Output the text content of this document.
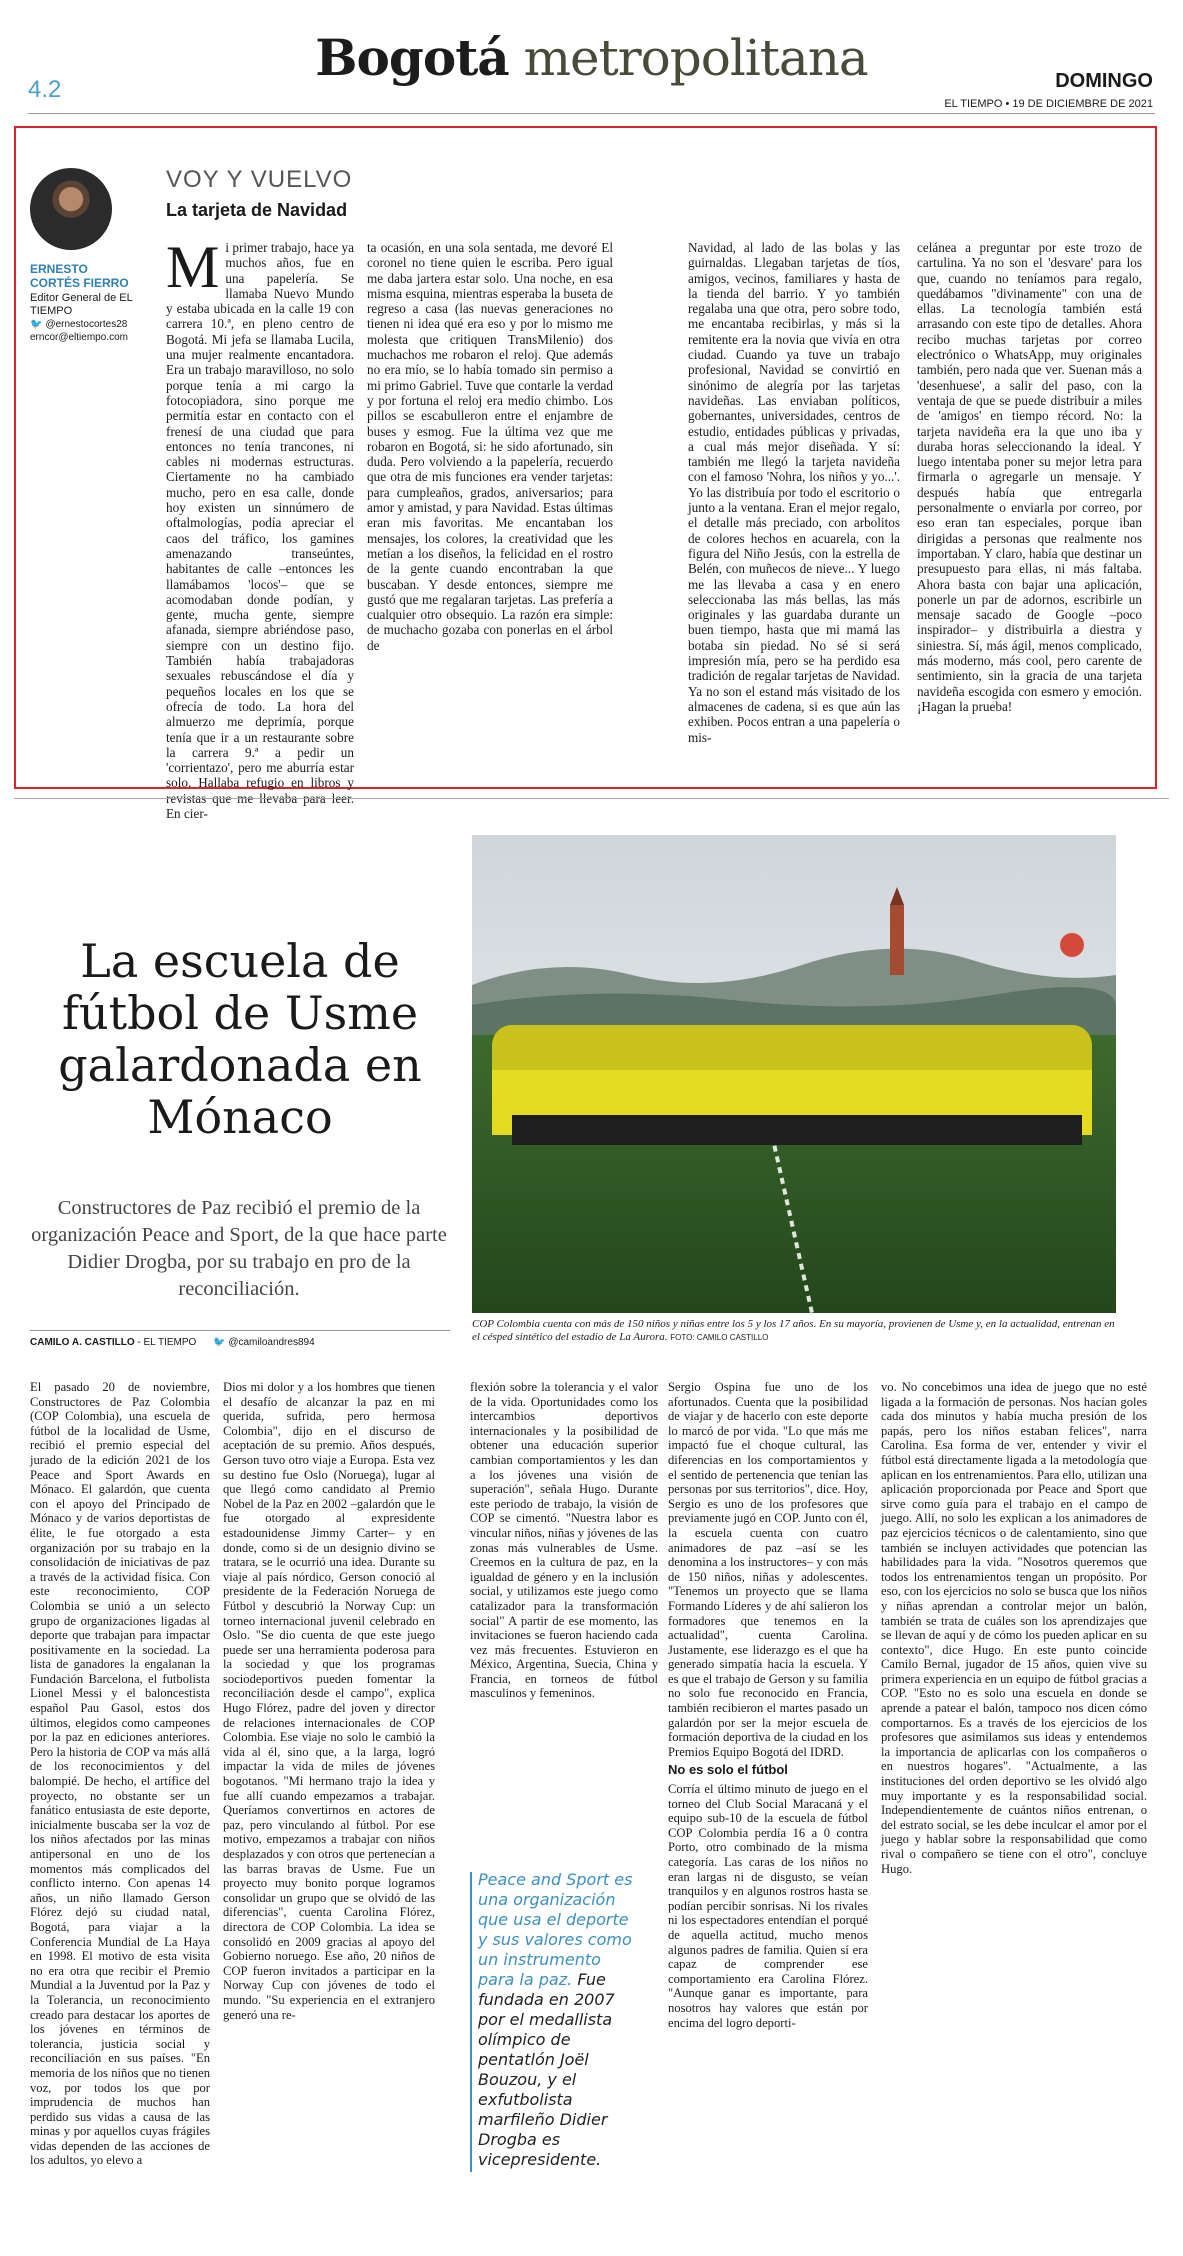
Bogotá metropolitana
4.2	DOMINGO
EL TIEMPO • 19 DE DICIEMBRE DE 2021
ERNESTO CORTÉS FIERRO
Editor General de EL TIEMPO
🐦 @ernestocortes28
erncor@eltiempo.com
VOY Y VUELVO
La tarjeta de Navidad
Mi primer trabajo, hace ya muchos años, fue en una papelería. Se llamaba Nuevo Mundo y estaba ubicada en la calle 19 con carrera 10.ª, en pleno centro de Bogotá. Mi jefa se llamaba Lucila, una mujer realmente encantadora. Era un trabajo maravilloso, no solo porque tenía a mi cargo la fotocopiadora, sino porque me permitía estar en contacto con el frenesí de una ciudad que para entonces no tenía trancones, ni cables ni modernas estructuras. Ciertamente no ha cambiado mucho, pero en esa calle, donde hoy existen un sinnúmero de oftalmologías, podía apreciar el caos del tráfico, los gamines amenazando transeúntes, habitantes de calle –entonces les llamábamos 'locos'– que se acomodaban donde podían, y gente, mucha gente, siempre afanada, siempre abriéndose paso, siempre con un destino fijo. También había trabajadoras sexuales rebuscándose el día y pequeños locales en los que se ofrecía de todo. La hora del almuerzo me deprimía, porque tenía que ir a un restaurante sobre la carrera 9.ª a pedir un 'corrientazo', pero me aburría estar solo. Hallaba refugio en libros y revistas que me llevaba para leer. En cier-
ta ocasión, en una sola sentada, me devoré El coronel no tiene quien le escriba. Pero igual me daba jartera estar solo. Una noche, en esa misma esquina, mientras esperaba la buseta de regreso a casa (las nuevas generaciones no tienen ni idea qué era eso y por lo mismo me molesta que critiquen TransMilenio) dos muchachos me robaron el reloj. Que además no era mío, se lo había tomado sin permiso a mi primo Gabriel. Tuve que contarle la verdad y por fortuna el reloj era medio chimbo. Los pillos se escabulleron entre el enjambre de buses y esmog. Fue la última vez que me robaron en Bogotá, si: he sido afortunado, sin duda. Pero volviendo a la papelería, recuerdo que otra de mis funciones era vender tarjetas: para cumpleaños, grados, aniversarios; para amor y amistad, y para Navidad. Estas últimas eran mis favoritas. Me encantaban los mensajes, los colores, la creatividad que les metían a los diseños, la felicidad en el rostro de la gente cuando encontraban la que buscaban. Y desde entonces, siempre me gustó que me regalaran tarjetas. Las prefería a cualquier otro obsequio. La razón era simple: de muchacho gozaba con ponerlas en el árbol de
Navidad, al lado de las bolas y las guirnaldas. Llegaban tarjetas de tíos, amigos, vecinos, familiares y hasta de la tienda del barrio. Y yo también regalaba una que otra, pero sobre todo, me encantaba recibirlas, y más si la remitente era la novia que vivía en otra ciudad. Cuando ya tuve un trabajo profesional, Navidad se convirtió en sinónimo de alegría por las tarjetas navideñas. Las enviaban políticos, gobernantes, universidades, centros de estudio, entidades públicas y privadas, a cual más mejor diseñada. Y sí: también me llegó la tarjeta navideña con el famoso 'Nohra, los niños y yo...'. Yo las distribuía por todo el escritorio o junto a la ventana. Eran el mejor regalo, el detalle más preciado, con arbolitos de colores hechos en acuarela, con la figura del Niño Jesús, con la estrella de Belén, con muñecos de nieve... Y luego me las llevaba a casa y en enero seleccionaba las más bellas, las más originales y las guardaba durante un buen tiempo, hasta que mi mamá las botaba sin piedad. No sé si será impresión mía, pero se ha perdido esa tradición de regalar tarjetas de Navidad. Ya no son el estand más visitado de los almacenes de cadena, si es que aún las exhiben. Pocos entran a una papelería o mis-
celánea a preguntar por este trozo de cartulina. Ya no son el 'desvare' para los que, cuando no teníamos para regalo, quedábamos "divinamente" con una de ellas. La tecnología también está arrasando con este tipo de detalles. Ahora recibo muchas tarjetas por correo electrónico o WhatsApp, muy originales también, pero nada que ver. Suenan más a 'desenhuese', a salir del paso, con la ventaja de que se puede distribuir a miles de 'amigos' en tiempo récord. No: la tarjeta navideña era la que uno iba y duraba horas seleccionando la ideal. Y luego intentaba poner su mejor letra para firmarla o agregarle un mensaje. Y después había que entregarla personalmente o enviarla por correo, por eso eran tan especiales, porque iban dirigidas a personas que realmente nos importaban. Y claro, había que destinar un presupuesto para ellas, ni más faltaba. Ahora basta con bajar una aplicación, ponerle un par de adornos, escribirle un mensaje sacado de Google –poco inspirador– y distribuirla a diestra y siniestra. Sí, más ágil, menos complicado, más moderno, más cool, pero carente de sentimiento, sin la gracia de una tarjeta navideña escogida con esmero y emoción. ¡Hagan la prueba!
La escuela de fútbol de Usme galardonada en Mónaco
Constructores de Paz recibió el premio de la organización Peace and Sport, de la que hace parte Didier Drogba, por su trabajo en pro de la reconciliación.
CAMILO A. CASTILLO - EL TIEMPO 🐦 @camiloandres894
COP Colombia cuenta con más de 150 niños y niñas entre los 5 y los 17 años. En su mayoría, provienen de Usme y, en la actualidad, entrenan en el césped sintético del estadio de La Aurora. FOTO: CAMILO CASTILLO
El pasado 20 de noviembre, Constructores de Paz Colombia (COP Colombia), una escuela de fútbol de la localidad de Usme, recibió el premio especial del jurado de la edición 2021 de los Peace and Sport Awards en Mónaco. El galardón, que cuenta con el apoyo del Principado de Mónaco y de varios deportistas de élite, le fue otorgado a esta organización por su trabajo en la consolidación de iniciativas de paz a través de la actividad física. Con este reconocimiento, COP Colombia se unió a un selecto grupo de organizaciones ligadas al deporte que trabajan para impactar positivamente en la sociedad. La lista de ganadores la engalanan la Fundación Barcelona, el futbolista Lionel Messi y el baloncestista español Pau Gasol, estos dos últimos, elegidos como campeones por la paz en ediciones anteriores. Pero la historia de COP va más allá de los reconocimientos y del balompié. De hecho, el artífice del proyecto, no obstante ser un fanático entusiasta de este deporte, inicialmente buscaba ser la voz de los niños afectados por las minas antipersonal en uno de los momentos más complicados del conflicto interno. Con apenas 14 años, un niño llamado Gerson Flórez dejó su ciudad natal, Bogotá, para viajar a la Conferencia Mundial de La Haya en 1998. El motivo de esta visita no era otra que recibir el Premio Mundial a la Juventud por la Paz y la Tolerancia, un reconocimiento creado para destacar los aportes de los jóvenes en términos de tolerancia, justicia social y reconciliación en sus países. "En memoria de los niños que no tienen voz, por todos los que por imprudencia de muchos han perdido sus vidas a causa de las minas y por aquellos cuyas frágiles vidas dependen de las acciones de los adultos, yo elevo a
Dios mi dolor y a los hombres que tienen el desafío de alcanzar la paz en mi querida, sufrida, pero hermosa Colombia", dijo en el discurso de aceptación de su premio. Años después, Gerson tuvo otro viaje a Europa. Esta vez su destino fue Oslo (Noruega), lugar al que llegó como candidato al Premio Nobel de la Paz en 2002 –galardón que le fue otorgado al expresidente estadounidense Jimmy Carter– y en donde, como si de un designio divino se tratara, se le ocurrió una idea. Durante su viaje al país nórdico, Gerson conoció al presidente de la Federación Noruega de Fútbol y descubrió la Norway Cup: un torneo internacional juvenil celebrado en Oslo. "Se dio cuenta de que este juego puede ser una herramienta poderosa para la sociedad y que los programas sociodeportivos pueden fomentar la reconciliación desde el campo", explica Hugo Flórez, padre del joven y director de relaciones internacionales de COP Colombia. Ese viaje no solo le cambió la vida al él, sino que, a la larga, logró impactar la vida de miles de jóvenes bogotanos. "Mi hermano trajo la idea y fue allí cuando empezamos a trabajar. Queríamos convertirnos en actores de paz, pero vinculando al fútbol. Por ese motivo, empezamos a trabajar con niños desplazados y con otros que pertenecían a las barras bravas de Usme. Fue un proyecto muy bonito porque logramos consolidar un grupo que se olvidó de las diferencias", cuenta Carolina Flórez, directora de COP Colombia. La idea se consolidó en 2009 gracias al apoyo del Gobierno noruego. Ese año, 20 niños de COP fueron invitados a participar en la Norway Cup con jóvenes de todo el mundo. "Su experiencia en el extranjero generó una re-
flexión sobre la tolerancia y el valor de la vida. Oportunidades como los intercambios deportivos internacionales y la posibilidad de obtener una educación superior cambian comportamientos y les dan a los jóvenes una visión de superación", señala Hugo. Durante este periodo de trabajo, la visión de COP se cimentó. "Nuestra labor es vincular niños, niñas y jóvenes de las zonas más vulnerables de Usme. Creemos en la cultura de paz, en la igualdad de género y en la inclusión social, y utilizamos este juego como catalizador para la transformación social" A partir de ese momento, las invitaciones se fueron haciendo cada vez más frecuentes. Estuvieron en México, Argentina, Suecia, China y Francia, en torneos de fútbol masculinos y femeninos.
Peace and Sport es una organización que usa el deporte y sus valores como un instrumento para la paz. Fue fundada en 2007 por el medallista olímpico de pentatlón Joël Bouzou, y el exfutbolista marfileño Didier Drogba es vicepresidente.
Sergio Ospina fue uno de los afortunados. Cuenta que la posibilidad de viajar y de hacerlo con este deporte lo marcó de por vida. "Lo que más me impactó fue el choque cultural, las diferencias en los comportamientos y el sentido de pertenencia que tenían las personas por sus territorios", dice. Hoy, Sergio es uno de los profesores que previamente jugó en COP. Junto con él, la escuela cuenta con cuatro animadores de paz –así se les denomina a los instructores– y con más de 150 niños, niñas y adolescentes. "Tenemos un proyecto que se llama Formando Líderes y de ahí salieron los formadores que tenemos en la actualidad", cuenta Carolina. Justamente, ese liderazgo es el que ha generado simpatía hacia la escuela. Y es que el trabajo de Gerson y su familia no solo fue reconocido en Francia, también recibieron el martes pasado un galardón por ser la mejor escuela de formación deportiva de la ciudad en los Premios Equipo Bogotá del IDRD.
No es solo el fútbol
Corría el último minuto de juego en el torneo del Club Social Maracaná y el equipo sub-10 de la escuela de fútbol COP Colombia perdía 16 a 0 contra Porto, otro combinado de la misma categoría. Las caras de los niños no eran largas ni de disgusto, se veían tranquilos y en algunos rostros hasta se podían percibir sonrisas. Ni los rivales ni los espectadores entendían el porqué de aquella actitud, mucho menos algunos padres de familia. Quien sí era capaz de comprender ese comportamiento era Carolina Flórez. "Aunque ganar es importante, para nosotros hay valores que están por encima del logro deporti-
vo. No concebimos una idea de juego que no esté ligada a la formación de personas. Nos hacían goles cada dos minutos y había mucha presión de los papás, pero los niños estaban felices", narra Carolina. Esa forma de ver, entender y vivir el fútbol está directamente ligada a la metodología que aplican en los entrenamientos. Para ello, utilizan una aplicación proporcionada por Peace and Sport que sirve como guía para el trabajo en el campo de juego. Allí, no solo les explican a los animadores de paz ejercicios técnicos o de calentamiento, sino que también se incluyen actividades que potencian las habilidades para la vida. "Nosotros queremos que todos los entrenamientos tengan un propósito. Por eso, con los ejercicios no solo se busca que los niños y niñas aprendan a controlar mejor un balón, también se trata de cuáles son los aprendizajes que se llevan de aquí y de cómo los pueden aplicar en su contexto", dice Hugo. En este punto coincide Camilo Bernal, jugador de 15 años, quien vive su primera experiencia en un equipo de fútbol gracias a COP. "Esto no es solo una escuela en donde se aprende a patear el balón, tampoco nos dicen cómo comportarnos. Es a través de los ejercicios de los profesores que asimilamos sus ideas y entendemos la importancia de aplicarlas con los compañeros o en nuestros hogares". "Actualmente, a las instituciones del orden deportivo se les olvidó algo muy importante y es la responsabilidad social. Independientemente de cuántos niños entrenan, o del estrato social, se les debe inculcar el amor por el juego y hablar sobre la responsabilidad que como rival o compañero se tiene con el otro", concluye Hugo.
